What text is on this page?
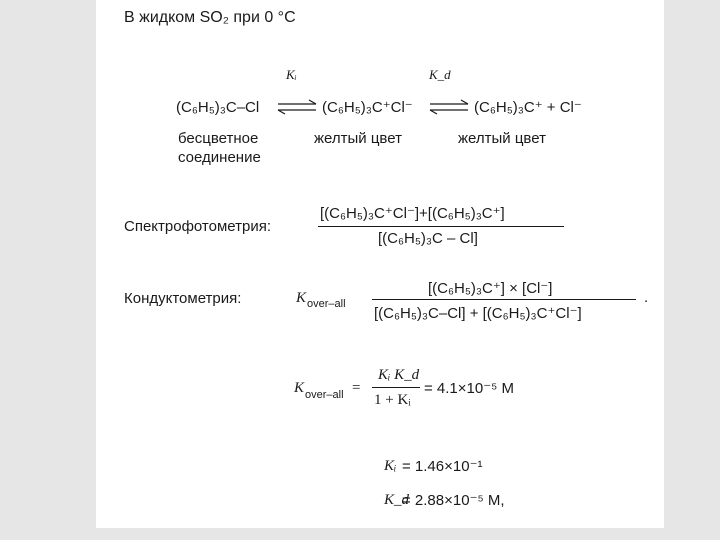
В жидком SO₂ при 0 °C
Kᵢ	K_d
(C₆H₅)₃C–Cl ⇌ (C₆H₅)₃C⁺Cl⁻ ⇌ (C₆H₅)₃C⁺ + Cl⁻
бесцветное
соединение
желтый цвет	желтый цвет
Спектрофотометрия:
[(C₆H₅)₃C⁺Cl⁻]+[(C₆H₅)₃C⁺]
[(C₆H₅)₃C – Cl]
Кондуктометрия:	K over–all
[(C₆H₅)₃C⁺] × [Cl⁻]
[(C₆H₅)₃C–Cl] + [(C₆H₅)₃C⁺Cl⁻]
.
K over–all =
Kᵢ K_d
1 + Kᵢ
= 4.1×10⁻⁵ M
Kᵢ = 1.46×10⁻¹
K_d
= 2.88×10⁻⁵ M,
